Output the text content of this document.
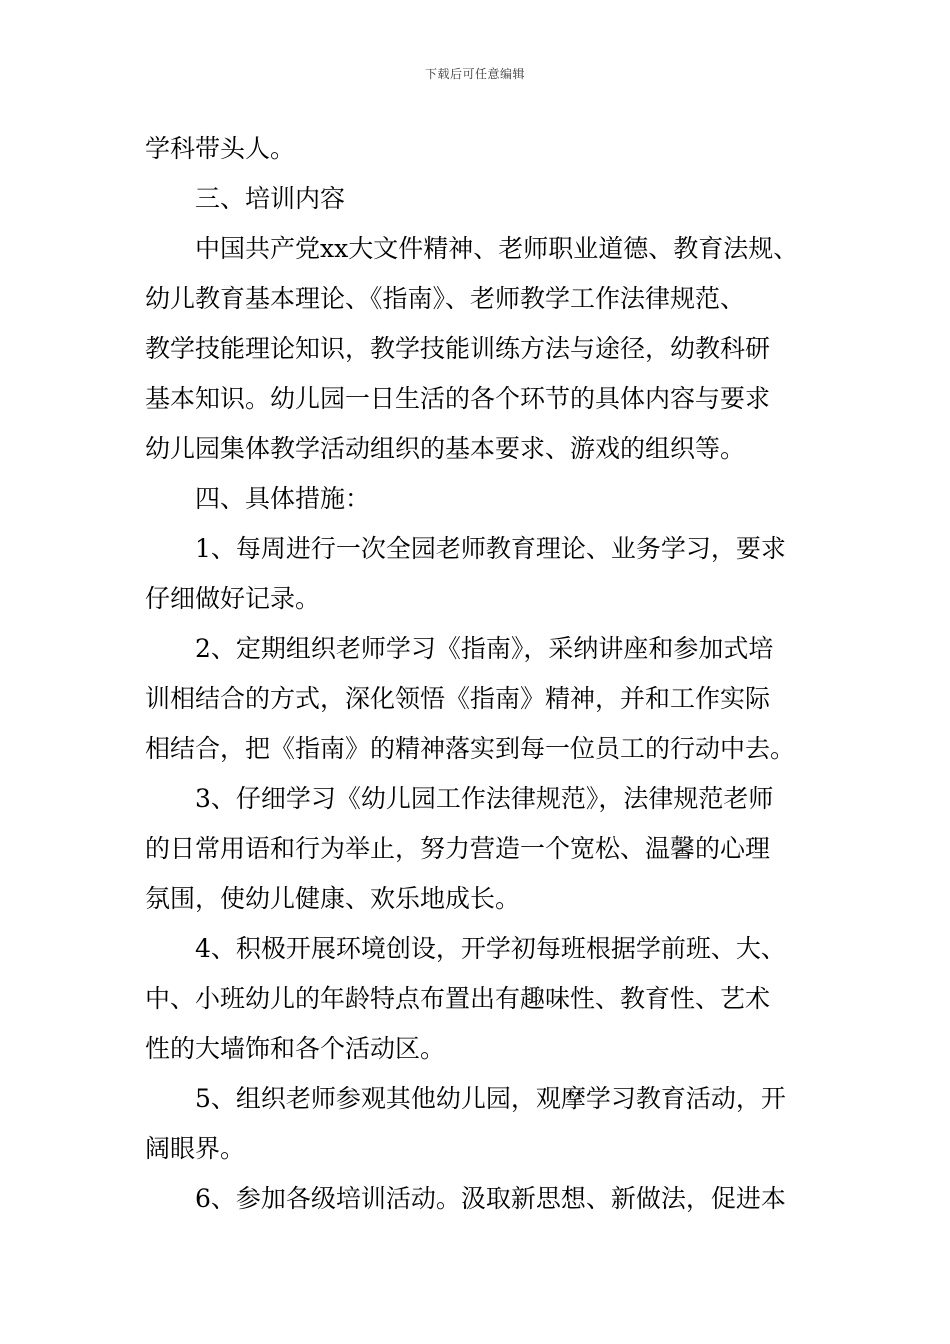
下载后可任意编辑
学科带头人。
三、培训内容
中国共产党xx大文件精神、老师职业道德、教育法规、
幼儿教育基本理论、《指南》、老师教学工作法律规范、
教学技能理论知识，教学技能训练方法与途径，幼教科研
基本知识。幼儿园一日生活的各个环节的具体内容与要求
幼儿园集体教学活动组织的基本要求、游戏的组织等。
四、具体措施：
1、每周进行一次全园老师教育理论、业务学习，要求
仔细做好记录。
2、定期组织老师学习《指南》，采纳讲座和参加式培
训相结合的方式，深化领悟《指南》精神，并和工作实际
相结合，把《指南》的精神落实到每一位员工的行动中去。
3、仔细学习《幼儿园工作法律规范》，法律规范老师
的日常用语和行为举止，努力营造一个宽松、温馨的心理
氛围，使幼儿健康、欢乐地成长。
4、积极开展环境创设，开学初每班根据学前班、大、
中、小班幼儿的年龄特点布置出有趣味性、教育性、艺术
性的大墙饰和各个活动区。
5、组织老师参观其他幼儿园，观摩学习教育活动，开
阔眼界。
6、参加各级培训活动。汲取新思想、新做法，促进本
